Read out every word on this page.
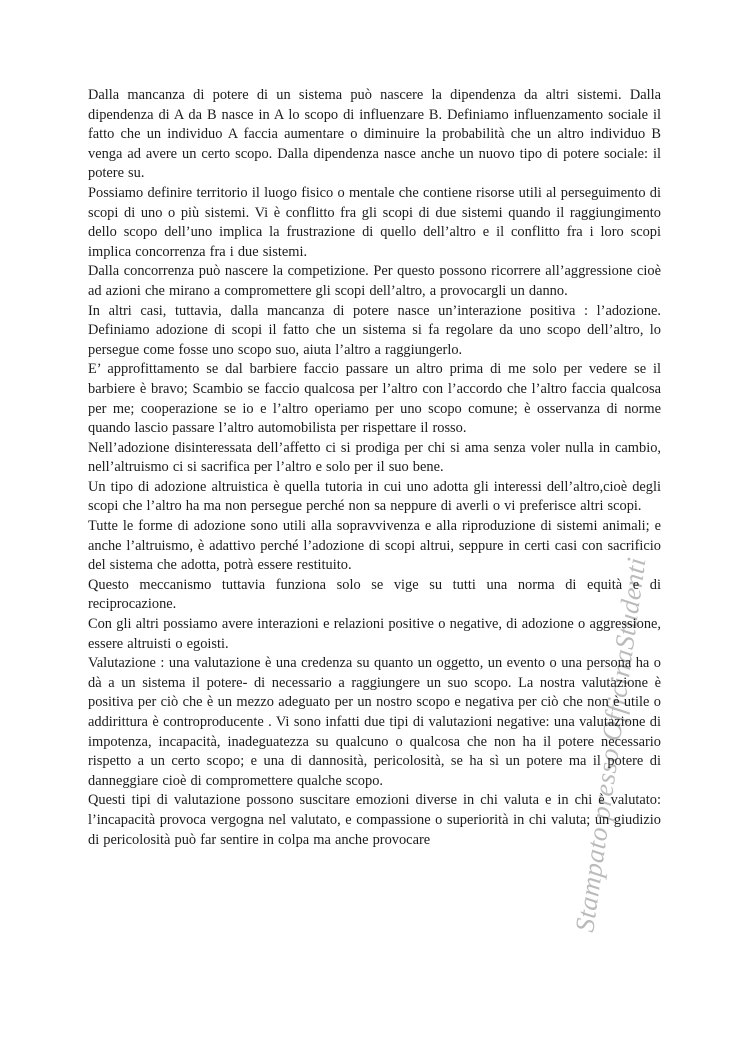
Stampato presso OfficinaStudenti

Dalla mancanza di potere di un sistema può nascere la dipendenza da altri sistemi. Dalla dipendenza di A da B nasce in A lo scopo di influenzare B. Definiamo influenzamento sociale il fatto che un individuo A faccia aumentare o diminuire la probabilità che un altro individuo B venga ad avere un certo scopo. Dalla dipendenza nasce anche un nuovo tipo di potere sociale: il potere su.

Possiamo definire territorio il luogo fisico o mentale che contiene risorse utili al perseguimento di scopi di uno o più sistemi. Vi è conflitto fra gli scopi di due sistemi quando il raggiungimento dello scopo dell’uno implica la frustrazione di quello dell’altro e il conflitto fra i loro scopi implica concorrenza fra i due sistemi.

Dalla concorrenza può nascere la competizione. Per questo possono ricorrere all’aggressione cioè ad azioni che mirano a compromettere gli scopi dell’altro, a provocargli un danno.

In altri casi, tuttavia, dalla mancanza di potere nasce un’interazione positiva : l’adozione. Definiamo adozione di scopi il fatto che un sistema si fa regolare da uno scopo dell’altro, lo persegue come fosse uno scopo suo, aiuta l’altro a raggiungerlo.

E’ approfittamento se dal barbiere faccio passare un altro prima di me solo per vedere se il barbiere è bravo; Scambio se faccio qualcosa per l’altro con l’accordo che l’altro faccia qualcosa per me; cooperazione se io e l’altro operiamo per uno scopo comune; è osservanza di norme quando lascio passare l’altro automobilista per rispettare il rosso.

Nell’adozione disinteressata dell’affetto ci si prodiga per chi si ama senza voler nulla in cambio, nell’altruismo ci si sacrifica per l’altro e solo per il suo bene.

Un tipo di adozione altruistica è quella tutoria in cui uno adotta gli interessi dell’altro,cioè degli scopi che l’altro ha ma non persegue perché non sa neppure di averli o vi preferisce altri scopi.

Tutte le forme di adozione sono utili alla sopravvivenza e alla riproduzione di sistemi animali; e anche l’altruismo, è adattivo perché l’adozione di scopi altrui, seppure in certi casi con sacrificio del sistema che adotta, potrà essere restituito.

Questo meccanismo tuttavia funziona solo se vige su tutti una norma di equità e di reciprocazione.

Con gli altri possiamo avere interazioni e relazioni positive o negative, di adozione o aggressione, essere altruisti o egoisti.

Valutazione : una valutazione è una credenza su quanto un oggetto, un evento o una persona ha o dà a un sistema il potere- di necessario a raggiungere un suo scopo. La nostra valutazione è positiva per ciò che è un mezzo adeguato per un nostro scopo e negativa per ciò che non è utile o addirittura è controproducente . Vi sono infatti due tipi di valutazioni negative: una valutazione di impotenza, incapacità, inadeguatezza su qualcuno o qualcosa che non ha il potere necessario rispetto a un certo scopo; e una di dannosità, pericolosità, se ha sì un potere ma il potere di danneggiare cioè di compromettere qualche scopo.

Questi tipi di valutazione possono suscitare emozioni diverse in chi valuta e in chi è valutato: l’incapacità provoca vergogna nel valutato, e compassione o superiorità in chi valuta; un giudizio di pericolosità può far sentire in colpa ma anche provocare
